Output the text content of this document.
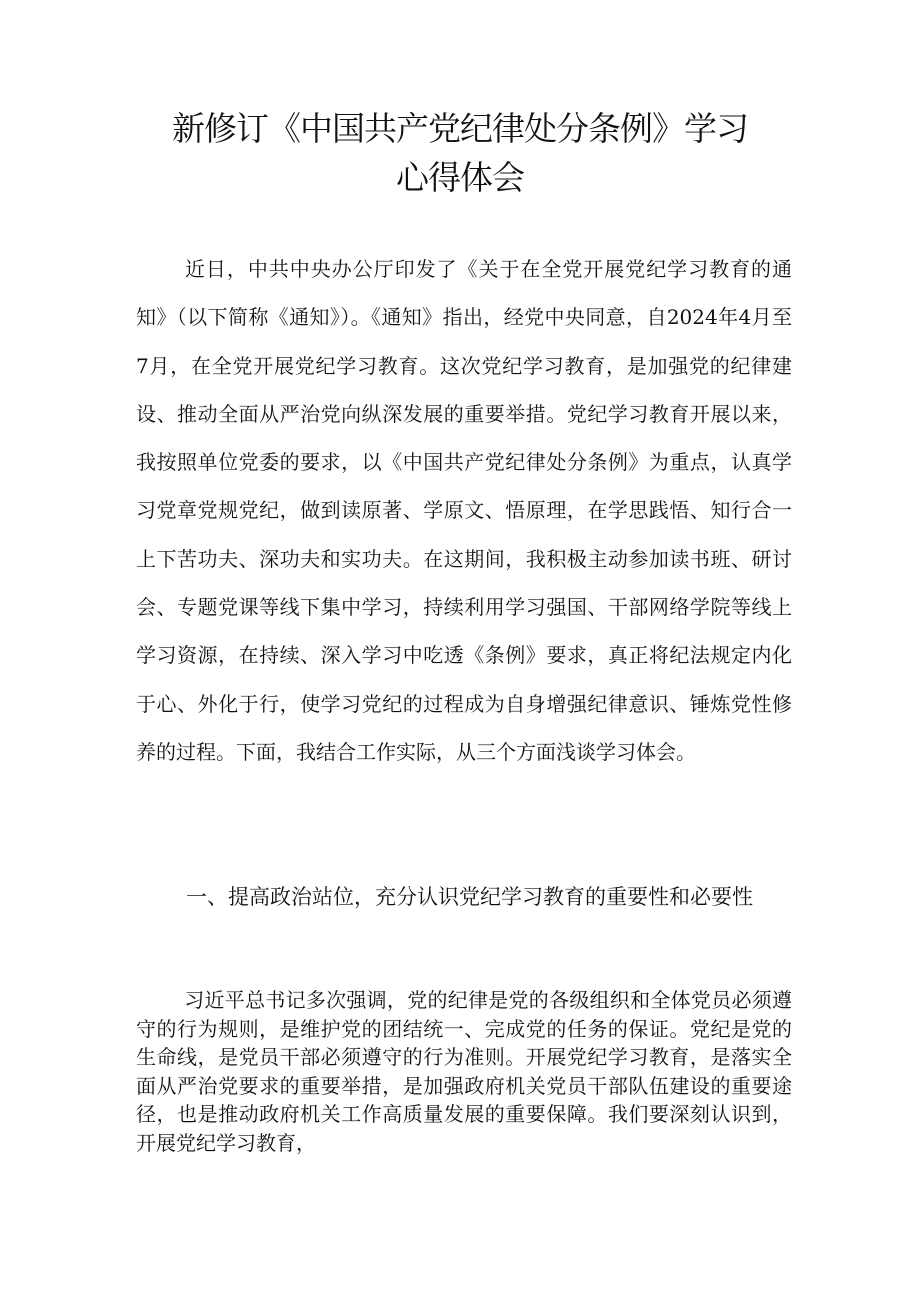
新修订《中国共产党纪律处分条例》学习
心得体会
近日，中共中央办公厅印发了《关于在全党开展党纪学习教育的通知》（以下简称《通知》）。《通知》指出，经党中央同意，自2024年4月至7月，在全党开展党纪学习教育。这次党纪学习教育，是加强党的纪律建设、推动全面从严治党向纵深发展的重要举措。党纪学习教育开展以来，我按照单位党委的要求，以《中国共产党纪律处分条例》为重点，认真学习党章党规党纪，做到读原著、学原文、悟原理，在学思践悟、知行合一上下苦功夫、深功夫和实功夫。在这期间，我积极主动参加读书班、研讨会、专题党课等线下集中学习，持续利用学习强国、干部网络学院等线上学习资源，在持续、深入学习中吃透《条例》要求，真正将纪法规定内化于心、外化于行，使学习党纪的过程成为自身增强纪律意识、锤炼党性修养的过程。下面，我结合工作实际，从三个方面浅谈学习体会。
一、提高政治站位，充分认识党纪学习教育的重要性和必要性
习近平总书记多次强调，党的纪律是党的各级组织和全体党员必须遵守的行为规则，是维护党的团结统一、完成党的任务的保证。党纪是党的生命线，是党员干部必须遵守的行为准则。开展党纪学习教育，是落实全面从严治党要求的重要举措，是加强政府机关党员干部队伍建设的重要途径，也是推动政府机关工作高质量发展的重要保障。我们要深刻认识到，开展党纪学习教育，
